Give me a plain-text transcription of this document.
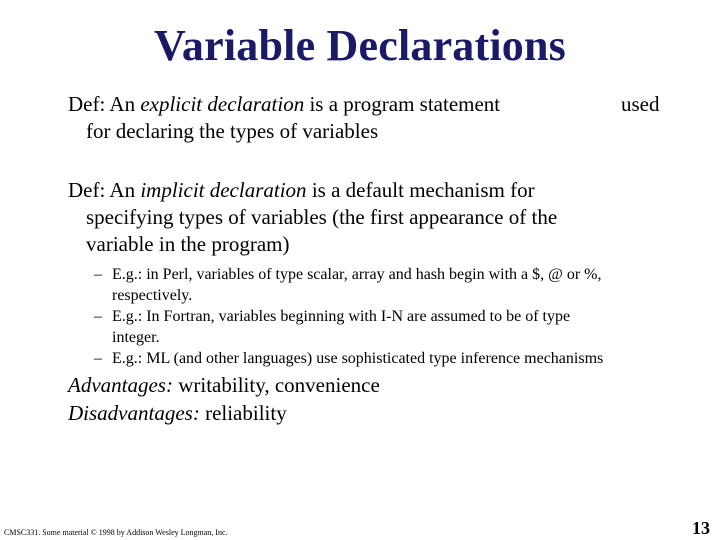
Variable Declarations
Def: An explicit declaration is a program statement	used
for declaring the types of variables
Def: An implicit declaration is a default mechanism for
specifying types of variables (the first appearance of the
variable in the program)
– E.g.: in Perl, variables of type scalar, array and hash begin with a $, @ or %,
respectively.
– E.g.: In Fortran, variables beginning with I-N are assumed to be of type
integer.
– E.g.: ML (and other languages) use sophisticated type inference mechanisms
Advantages: writability, convenience
Disadvantages: reliability
CMSC331. Some material © 1998 by Addison Wesley Longman, Inc.	13
